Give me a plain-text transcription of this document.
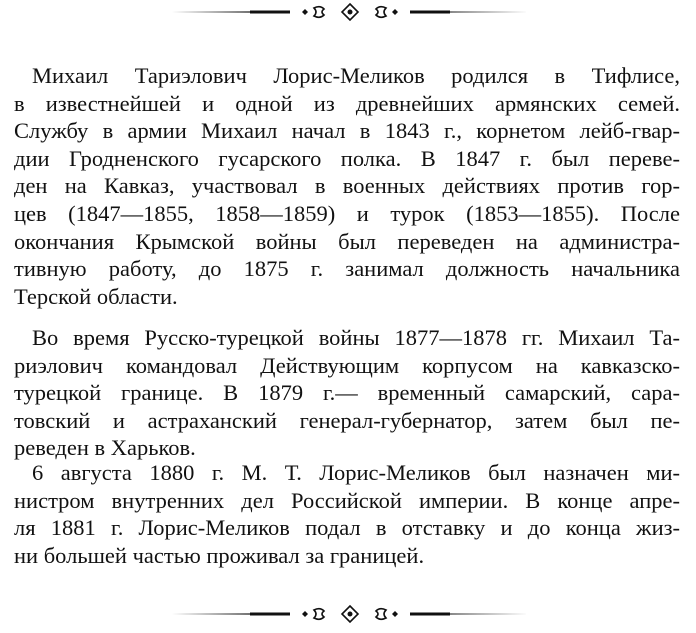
Михаил Тариэлович Лорис-Меликов родился в Тифлисе,
в известнейшей и одной из древнейших армянских семей.
Службу в армии Михаил начал в 1843 г., корнетом лейб-гвар-
дии Гродненского гусарского полка. В 1847 г. был переве-
ден на Кавказ, участвовал в военных действиях против гор-
цев (1847—1855, 1858—1859) и турок (1853—1855). После
окончания Крымской войны был переведен на администра-
тивную работу, до 1875 г. занимал должность начальника
Терской области.
Во время Русско-турецкой войны 1877—1878 гг. Михаил Та-
риэлович командовал Действующим корпусом на кавказско-
турецкой границе. В 1879 г.— временный самарский, сара-
товский и астраханский генерал-губернатор, затем был пе-
реведен в Харьков.
6 августа 1880 г. М. Т. Лорис-Меликов был назначен ми-
нистром внутренних дел Российской империи. В конце апре-
ля 1881 г. Лорис-Меликов подал в отставку и до конца жиз-
ни большей частью проживал за границей.
